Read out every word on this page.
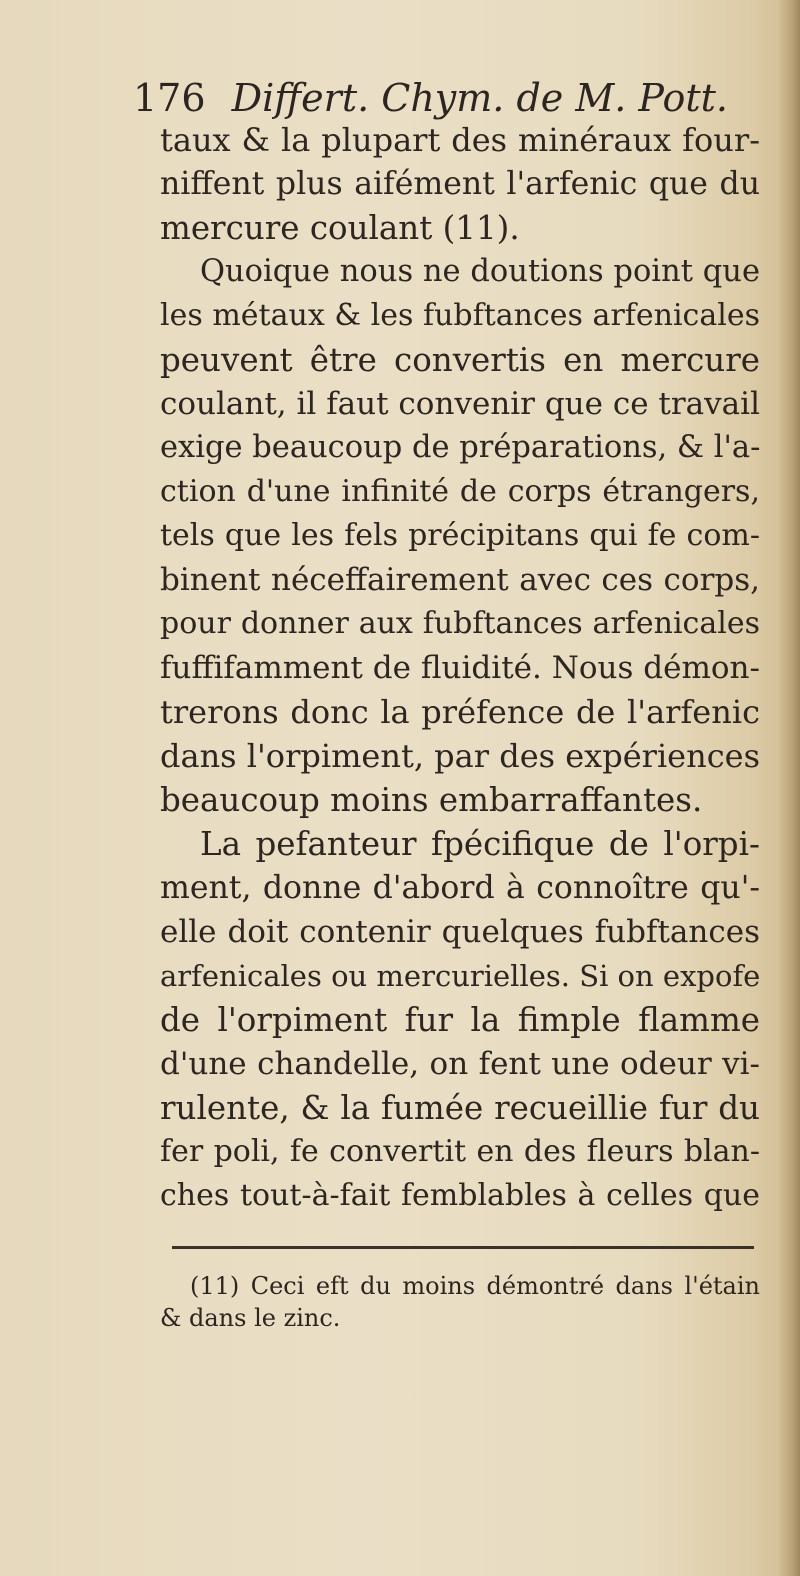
176 Differt. Chym. de M. Pott.
taux & la plupart des minéraux four-
niffent plus aifément l'arfenic que du
mercure coulant (11).
Quoique nous ne doutions point que
les métaux & les fubftances arfenicales
peuvent être convertis en mercure
coulant, il faut convenir que ce travail
exige beaucoup de préparations, & l'a-
ction d'une infinité de corps étrangers,
tels que les fels précipitans qui fe com-
binent néceffairement avec ces corps,
pour donner aux fubftances arfenicales
fuffifamment de fluidité. Nous démon-
trerons donc la préfence de l'arfenic
dans l'orpiment, par des expériences
beaucoup moins embarraffantes.
La pefanteur fpécifique de l'orpi-
ment, donne d'abord à connoître qu'-
elle doit contenir quelques fubftances
arfenicales ou mercurielles. Si on expofe
de l'orpiment fur la fimple flamme
d'une chandelle, on fent une odeur vi-
rulente, & la fumée recueillie fur du
fer poli, fe convertit en des fleurs blan-
ches tout-à-fait femblables à celles que
(11) Ceci eft du moins démontré dans l'étain
& dans le zinc.
